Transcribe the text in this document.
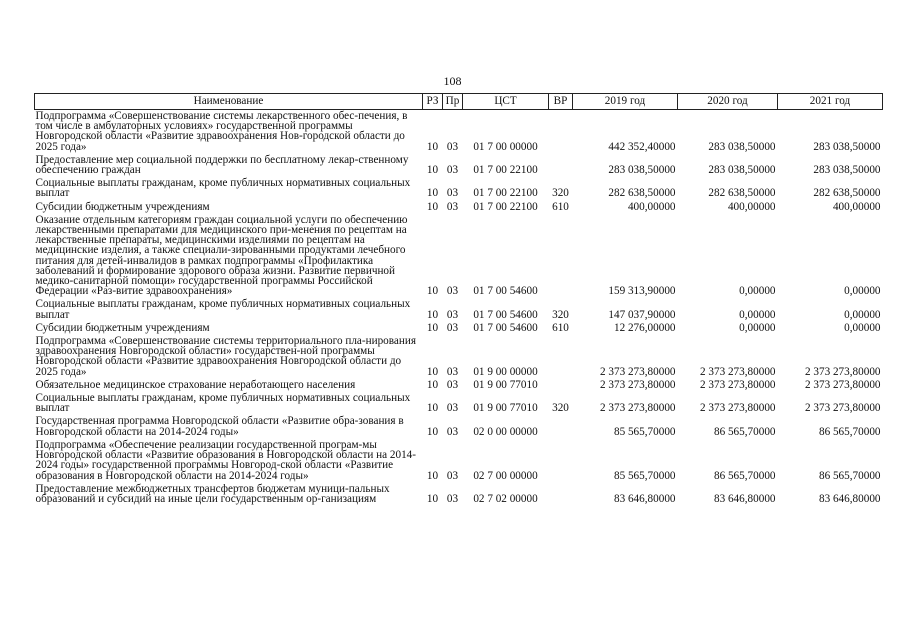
108
Наименование	РЗ	Пр	ЦСТ	ВР	2019 год	2020 год	2021 год
Подпрограмма «Совершенствование системы лекарственного обес-печения, в том числе в амбулаторных условиях» государственной программы Новгородской области «Развитие здравоохранения Нов-городской области до 2025 года»	10	03	01 7 00 00000		442 352,40000	283 038,50000	283 038,50000
Предоставление мер социальной поддержки по бесплатному лекар-ственному обеспечению граждан	10	03	01 7 00 22100		283 038,50000	283 038,50000	283 038,50000
Социальные выплаты гражданам, кроме публичных нормативных социальных выплат	10	03	01 7 00 22100	320	282 638,50000	282 638,50000	282 638,50000
Субсидии бюджетным учреждениям	10	03	01 7 00 22100	610	400,00000	400,00000	400,00000
Оказание отдельным категориям граждан социальной услуги по обеспечению лекарственными препаратами для медицинского при-менения по рецептам на лекарственные препараты, медицинскими изделиями по рецептам на медицинские изделия, а также специали-зированными продуктами лечебного питания для детей-инвалидов в рамках подпрограммы «Профилактика заболеваний и формирование здорового образа жизни. Развитие первичной медико-санитарной помощи» государственной программы Российской Федерации «Раз-витие здравоохранения»	10	03	01 7 00 54600		159 313,90000	0,00000	0,00000
Социальные выплаты гражданам, кроме публичных нормативных социальных выплат	10	03	01 7 00 54600	320	147 037,90000	0,00000	0,00000
Субсидии бюджетным учреждениям	10	03	01 7 00 54600	610	12 276,00000	0,00000	0,00000
Подпрограмма «Совершенствование системы территориального пла-нирования здравоохранения Новгородской области» государствен-ной программы Новгородской области «Развитие здравоохранения Новгородской области до 2025 года»	10	03	01 9 00 00000		2 373 273,80000	2 373 273,80000	2 373 273,80000
Обязательное медицинское страхование неработающего населения	10	03	01 9 00 77010		2 373 273,80000	2 373 273,80000	2 373 273,80000
Социальные выплаты гражданам, кроме публичных нормативных социальных выплат	10	03	01 9 00 77010	320	2 373 273,80000	2 373 273,80000	2 373 273,80000
Государственная программа Новгородской области «Развитие обра-зования в Новгородской области на 2014-2024 годы»	10	03	02 0 00 00000		85 565,70000	86 565,70000	86 565,70000
Подпрограмма «Обеспечение реализации государственной програм-мы Новгородской области «Развитие образования в Новгородской области на 2014-2024 годы» государственной программы Новгород-ской области «Развитие образования в Новгородской области на 2014-2024 годы»	10	03	02 7 00 00000		85 565,70000	86 565,70000	86 565,70000
Предоставление межбюджетных трансфертов бюджетам муници-пальных образований и субсидий на иные цели государственным ор-ганизациям	10	03	02 7 02 00000		83 646,80000	83 646,80000	83 646,80000
